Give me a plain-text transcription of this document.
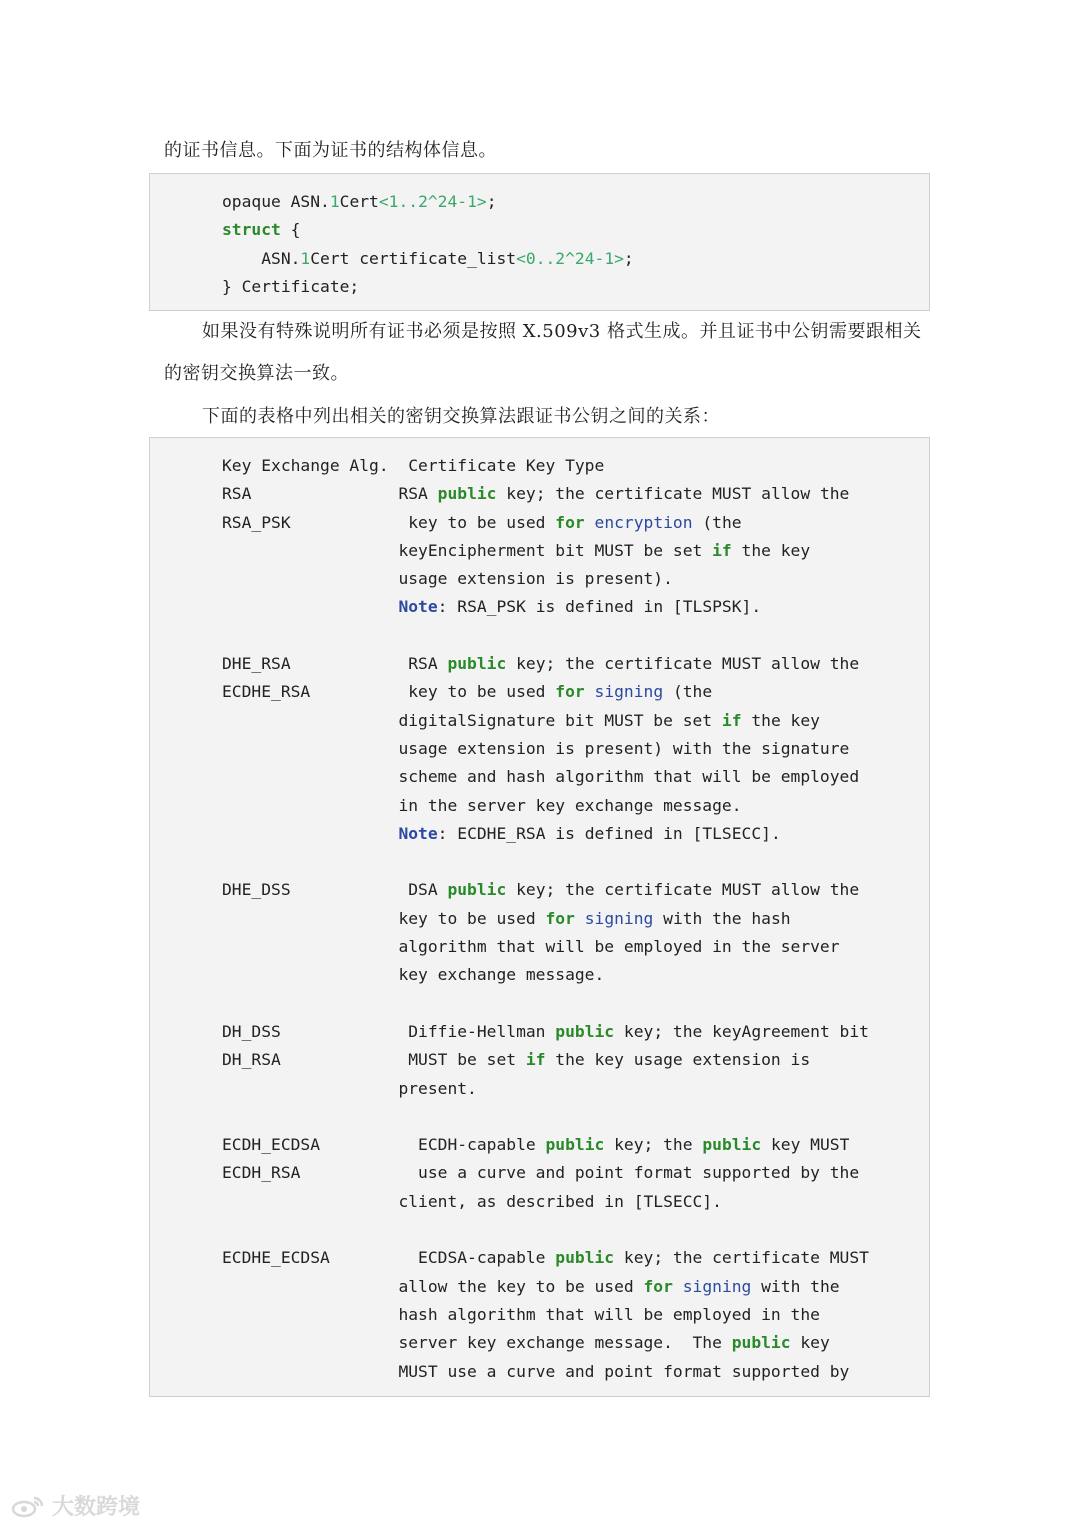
的证书信息。下面为证书的结构体信息。

opaque ASN.1Cert<1..2^24-1>;
struct {
ASN.1Cert certificate_list<0..2^24-1>;
} Certificate;

如果没有特殊说明所有证书必须是按照 X.509v3 格式生成。并且证书中公钥需要跟相关的密钥交换算法一致。

下面的表格中列出相关的密钥交换算法跟证书公钥之间的关系：

Key Exchange Alg.  Certificate Key Type
RSA               RSA public key; the certificate MUST allow the
RSA_PSK            key to be used for encryption (the
keyEncipherment bit MUST be set if the key
usage extension is present).
Note: RSA_PSK is defined in [TLSPSK].

DHE_RSA            RSA public key; the certificate MUST allow the
ECDHE_RSA          key to be used for signing (the
digitalSignature bit MUST be set if the key
usage extension is present) with the signature
scheme and hash algorithm that will be employed
in the server key exchange message.
Note: ECDHE_RSA is defined in [TLSECC].

DHE_DSS            DSA public key; the certificate MUST allow the
key to be used for signing with the hash
algorithm that will be employed in the server
key exchange message.

DH_DSS             Diffie-Hellman public key; the keyAgreement bit
DH_RSA             MUST be set if the key usage extension is
present.

ECDH_ECDSA          ECDH-capable public key; the public key MUST
ECDH_RSA            use a curve and point format supported by the
client, as described in [TLSECC].

ECDHE_ECDSA         ECDSA-capable public key; the certificate MUST
allow the key to be used for signing with the
hash algorithm that will be employed in the
server key exchange message.  The public key
MUST use a curve and point format supported by
大数跨境
